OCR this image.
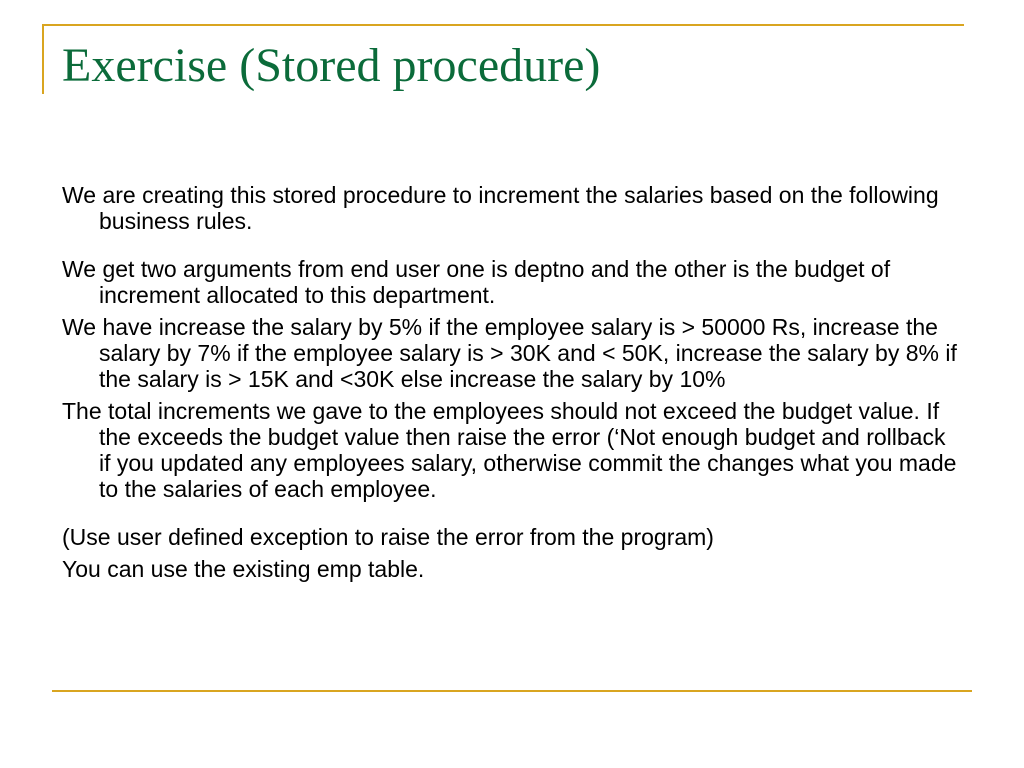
Exercise (Stored procedure)

We are creating this stored procedure to increment the salaries based on the following business rules.

We get two arguments from end user one is deptno and the other is the budget of increment allocated to this department.

We have increase the salary by 5% if the employee salary is > 50000 Rs, increase the salary by 7% if the employee salary is > 30K and < 50K, increase the salary by 8% if the salary is > 15K and <30K else increase the salary by 10%

The total increments we gave to the employees should not exceed the budget value. If the exceeds the budget value then raise the error (‘Not enough budget and rollback if you updated any employees salary, otherwise commit the changes what you made to the salaries of each employee.

(Use user defined exception to raise the error from the program)

You can use the existing emp table.
